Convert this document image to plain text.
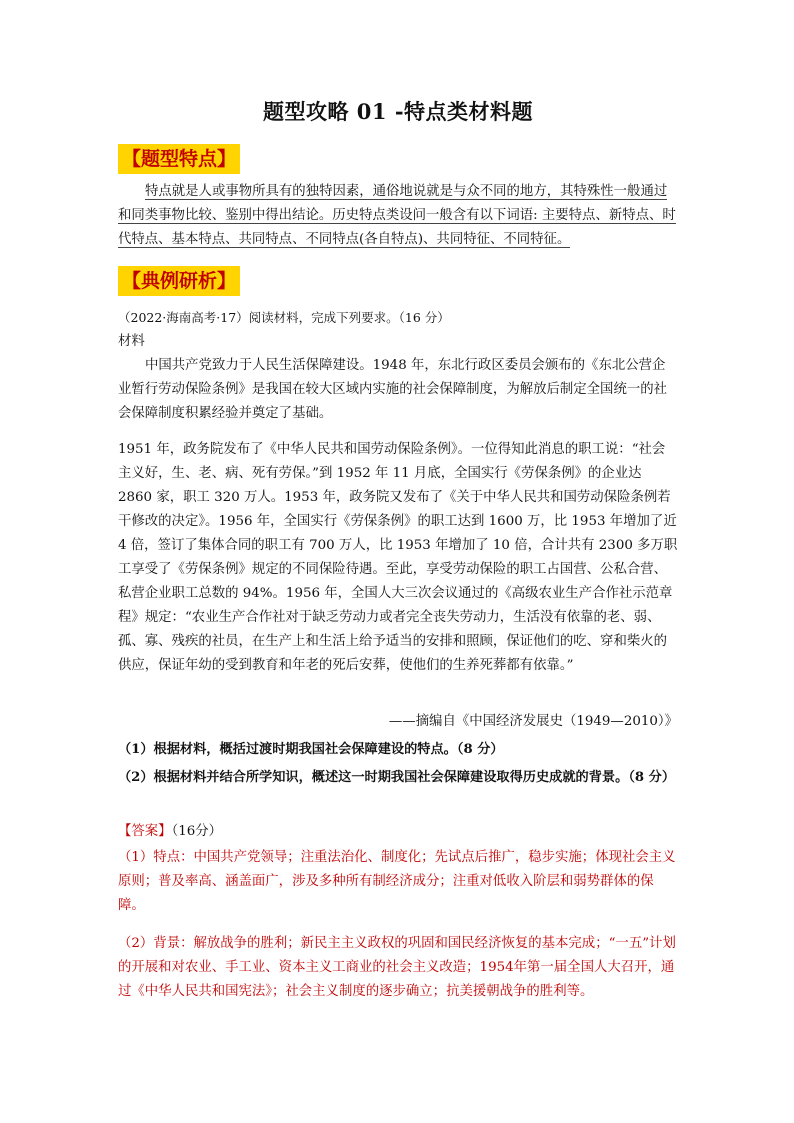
题型攻略 01 -特点类材料题
【题型特点】
特点就是人或事物所具有的独特因素，通俗地说就是与众不同的地方，其特殊性一般通过和同类事物比较、鉴别中得出结论。历史特点类设问一般含有以下词语: 主要特点、新特点、时代特点、基本特点、共同特点、不同特点(各自特点)、共同特征、不同特征。
【典例研析】
（2022·海南高考·17）阅读材料，完成下列要求。（16 分）
材料
中国共产党致力于人民生活保障建设。1948 年，东北行政区委员会颁布的《东北公营企业暂行劳动保险条例》是我国在较大区域内实施的社会保障制度，为解放后制定全国统一的社会保障制度积累经验并奠定了基础。
1951 年，政务院发布了《中华人民共和国劳动保险条例》。一位得知此消息的职工说：“社会主义好，生、老、病、死有劳保。”到 1952 年 11 月底，全国实行《劳保条例》的企业达 2860 家，职工 320 万人。1953 年，政务院又发布了《关于中华人民共和国劳动保险条例若干修改的决定》。1956 年，全国实行《劳保条例》的职工达到 1600 万，比 1953 年增加了近 4 倍，签订了集体合同的职工有 700 万人，比 1953 年增加了 10 倍，合计共有 2300 多万职工享受了《劳保条例》规定的不同保险待遇。至此，享受劳动保险的职工占国营、公私合营、私营企业职工总数的 94%。1956 年，全国人大三次会议通过的《高级农业生产合作社示范章程》规定：“农业生产合作社对于缺乏劳动力或者完全丧失劳动力，生活没有依靠的老、弱、孤、寡、残疾的社员，在生产上和生活上给予适当的安排和照顾，保证他们的吃、穿和柴火的供应，保证年幼的受到教育和年老的死后安葬，使他们的生养死葬都有依靠。”
——摘编自《中国经济发展史（1949—2010）》
（1）根据材料，概括过渡时期我国社会保障建设的特点。（8 分）
（2）根据材料并结合所学知识，概述这一时期我国社会保障建设取得历史成就的背景。（8 分）
【答案】（16分）
（1）特点：中国共产党领导；注重法治化、制度化；先试点后推广，稳步实施；体现社会主义原则；普及率高、涵盖面广，涉及多种所有制经济成分；注重对低收入阶层和弱势群体的保障。
（2）背景：解放战争的胜利；新民主主义政权的巩固和国民经济恢复的基本完成；“一五”计划的开展和对农业、手工业、资本主义工商业的社会主义改造；1954年第一届全国人大召开，通过《中华人民共和国宪法》；社会主义制度的逐步确立；抗美援朝战争的胜利等。
